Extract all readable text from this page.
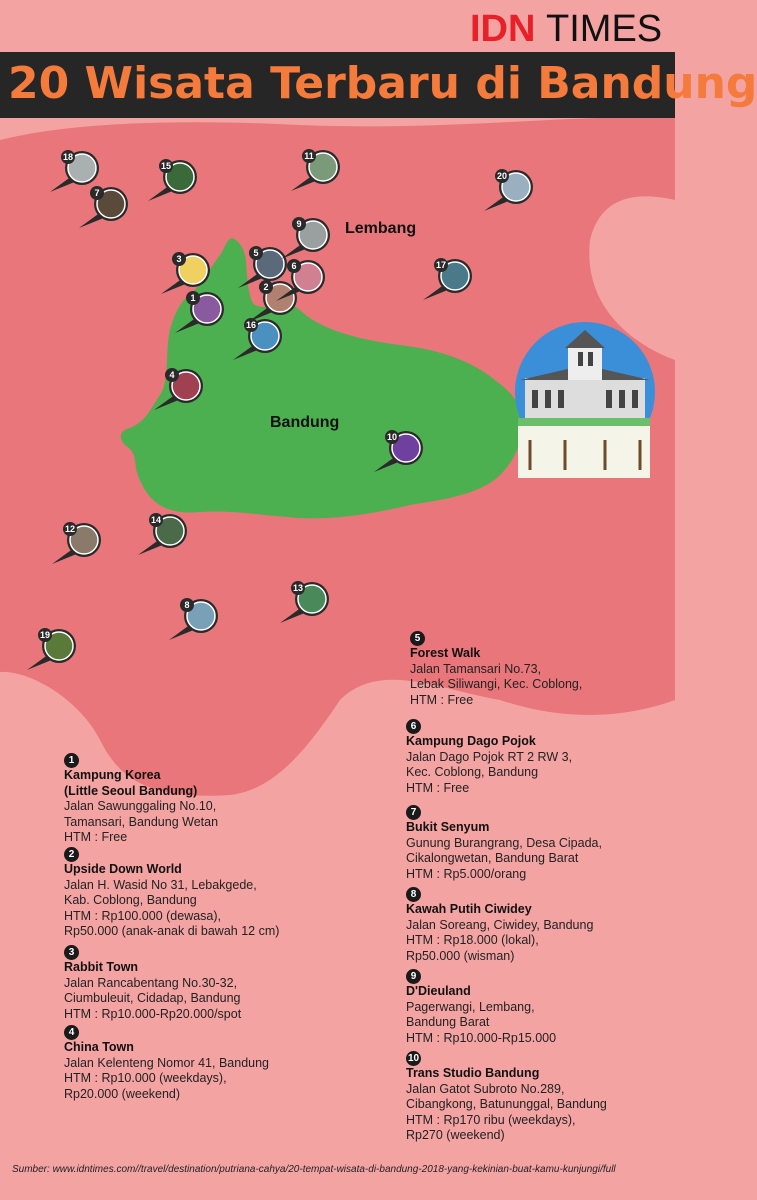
IDN TIMES
20 Wisata Terbaru di Bandung
Lembang
Bandung
1
2
3
4
5
6
7
8
9
10
11
12
13
14
15
16
17
18
19
20
1
Kampung Korea
(Little Seoul Bandung)
Jalan Sawunggaling No.10,
Tamansari, Bandung Wetan
HTM : Free
2
Upside Down World
Jalan H. Wasid No 31, Lebakgede,
Kab. Coblong, Bandung
HTM : Rp100.000 (dewasa),
Rp50.000 (anak-anak di bawah 12 cm)
3
Rabbit Town
Jalan Rancabentang No.30-32,
Ciumbuleuit, Cidadap, Bandung
HTM : Rp10.000-Rp20.000/spot
4
China Town
Jalan Kelenteng Nomor 41, Bandung
HTM : Rp10.000 (weekdays),
Rp20.000 (weekend)
5
Forest Walk
Jalan Tamansari No.73,
Lebak Siliwangi, Kec. Coblong,
HTM : Free
6
Kampung Dago Pojok
Jalan Dago Pojok RT 2 RW 3,
Kec. Coblong, Bandung
HTM : Free
7
Bukit Senyum
Gunung Burangrang, Desa Cipada,
Cikalongwetan, Bandung Barat
HTM : Rp5.000/orang
8
Kawah Putih Ciwidey
Jalan Soreang, Ciwidey, Bandung
HTM : Rp18.000 (lokal),
Rp50.000 (wisman)
9
D'Dieuland
Pagerwangi, Lembang,
Bandung Barat
HTM : Rp10.000-Rp15.000
10
Trans Studio Bandung
Jalan Gatot Subroto No.289,
Cibangkong, Batununggal, Bandung
HTM : Rp170 ribu (weekdays),
Rp270 (weekend)
Sumber: www.idntimes.com//travel/destination/putriana-cahya/20-tempat-wisata-di-bandung-2018-yang-kekinian-buat-kamu-kunjungi/full
